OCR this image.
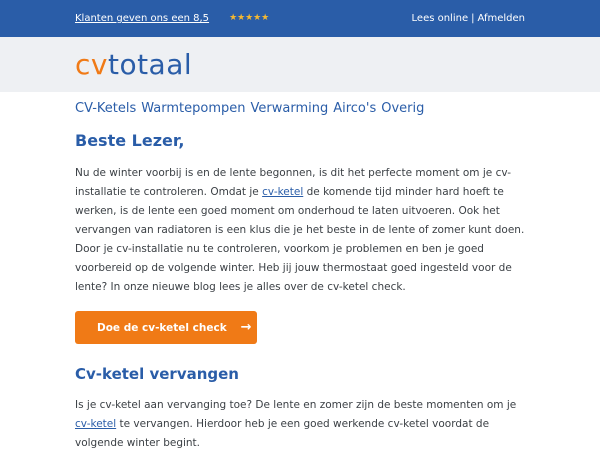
Klanten geven ons een 8,5 ★ ★ ★ ★ ★	Lees online | Afmelden
cvtotaal
CV-Ketels Warmtepompen Verwarming Airco's Overig
Beste Lezer,

Nu de winter voorbij is en de lente begonnen, is dit het perfecte moment om je cv-installatie te controleren. Omdat je cv-ketel de komende tijd minder hard hoeft te werken, is de lente een goed moment om onderhoud te laten uitvoeren. Ook het vervangen van radiatoren is een klus die je het beste in de lente of zomer kunt doen. Door je cv-installatie nu te controleren, voorkom je problemen en ben je goed voorbereid op de volgende winter. Heb jij jouw thermostaat goed ingesteld voor de lente? In onze nieuwe blog lees je alles over de cv-ketel check.

Doe de cv-ketel check →
Cv-ketel vervangen

Is je cv-ketel aan vervanging toe? De lente en zomer zijn de beste momenten om je cv-ketel te vervangen. Hierdoor heb je een goed werkende cv-ketel voordat de volgende winter begint.
